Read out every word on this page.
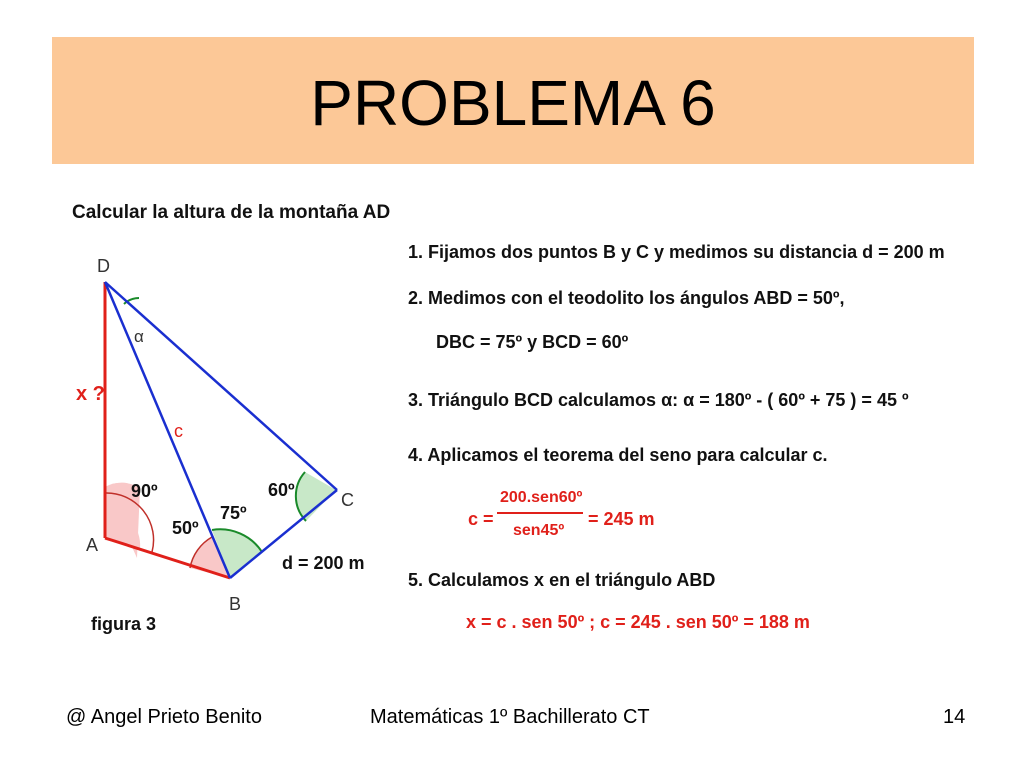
PROBLEMA 6
Calcular la altura de la montaña AD
D
A
B
C
x ?
c
α
90º
50º
75º
60º
d = 200 m
figura 3
1. Fijamos dos puntos B y C y medimos su distancia d = 200 m
2. Medimos con el teodolito los ángulos ABD = 50º,
DBC = 75º y BCD = 60º
3. Triángulo BCD calculamos α: α = 180º - ( 60º + 75 ) = 45 º
4. Aplicamos el teorema del seno para calcular c.
c =
200.sen60º
sen45º
= 245 m
5. Calculamos x en el triángulo ABD
x = c . sen 50º ; c = 245 . sen 50º = 188 m
@ Angel Prieto Benito	Matemáticas 1º Bachillerato CT	14
